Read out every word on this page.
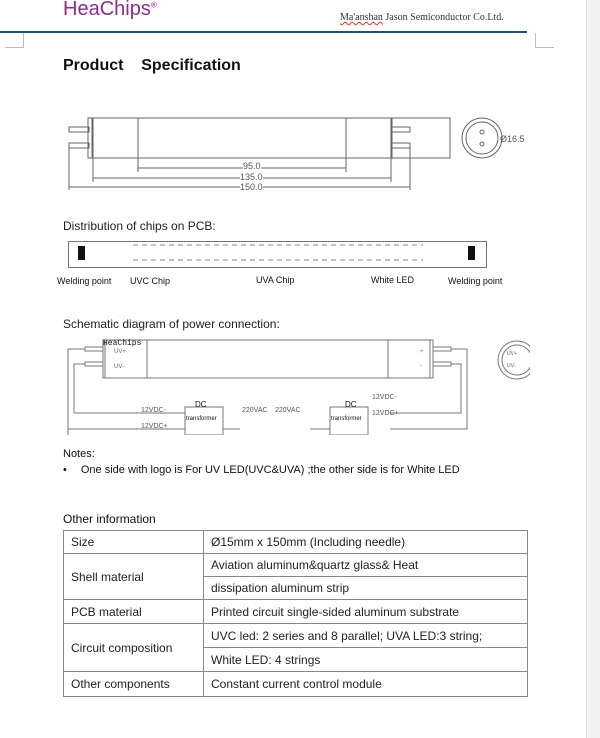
HeaChips®
Ma'anshan Jason Semiconductor Co.Ltd.
Product    Specification
95.0
135.0
150.0
Ø16.5
Distribution of chips on PCB:
Welding point UVC Chip	UVA Chip	White LED	Welding point
Schematic diagram of power connection:
HeaChips
UV+
UV-
+
-
UV+
UV-
12VDC-
12VDC+
12VDC-
12VDC+
DC
transformer
DC
transformer
220VAC 220VAC
Notes:
• One side with logo is For UV LED(UVC&UVA) ;the other side is for White LED
Other information
Size	Ø15mm x 150mm (Including needle)
Shell material	Aviation aluminum&quartz glass& Heat
	dissipation aluminum strip
PCB material	Printed circuit single-sided aluminum substrate
Circuit composition	UVC led: 2 series and 8 parallel; UVA LED:3 string;
	White LED: 4 strings
Other components	Constant current control module
